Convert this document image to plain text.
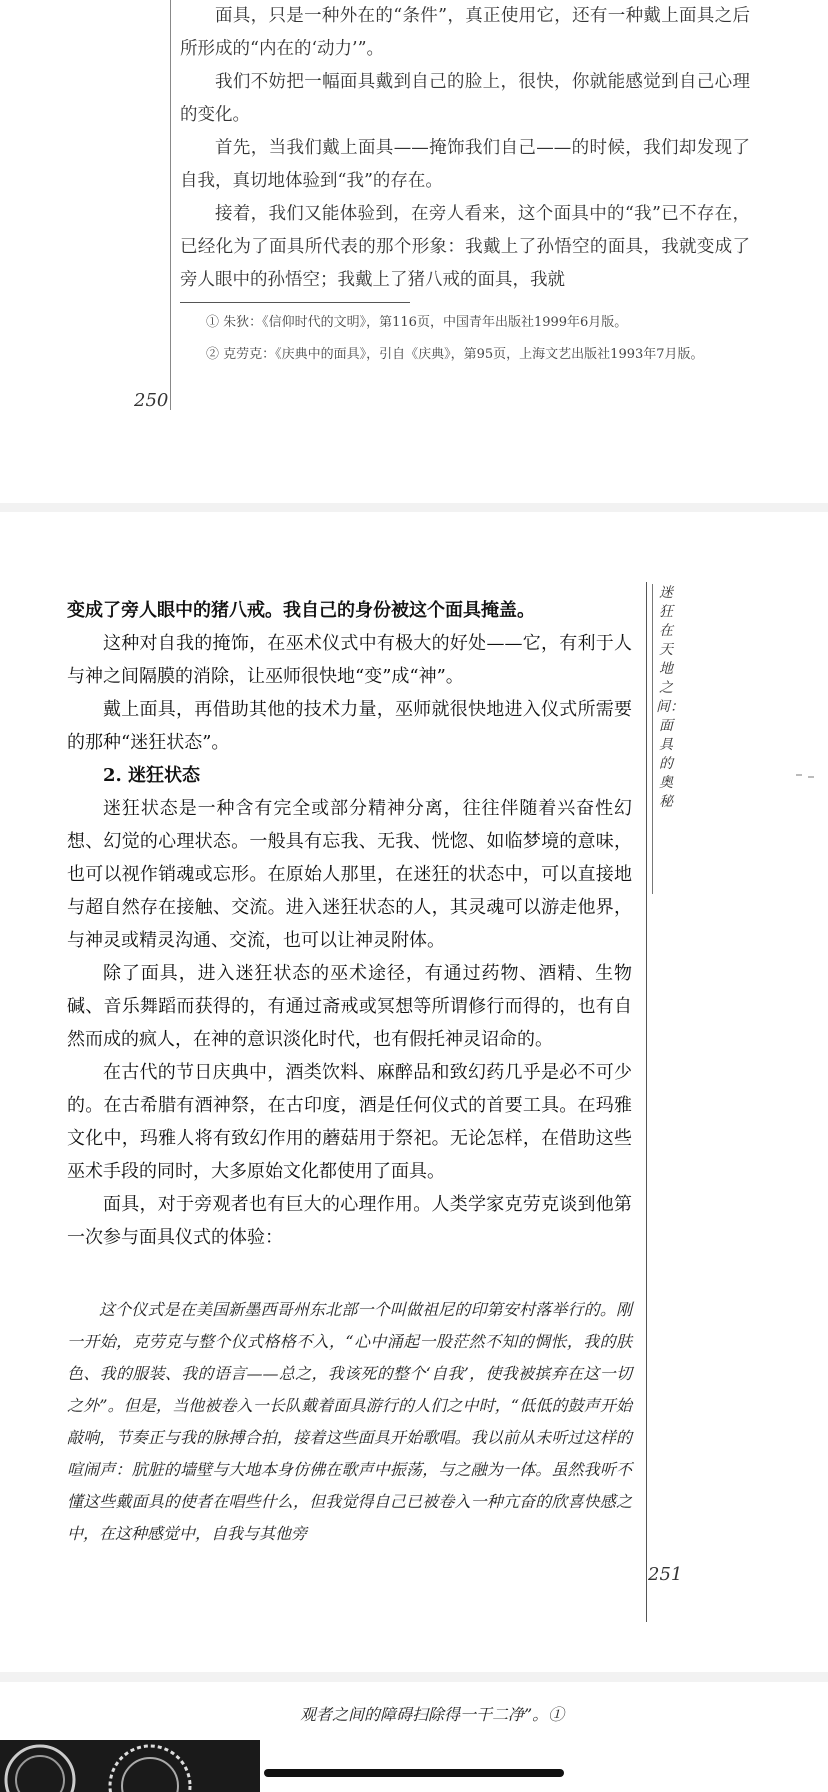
面具，只是一种外在的“条件”，真正使用它，还有一种戴上面具之后所形成的“内在的‘动力’”。

我们不妨把一幅面具戴到自己的脸上，很快，你就能感觉到自己心理的变化。

首先，当我们戴上面具——掩饰我们自己——的时候，我们却发现了自我，真切地体验到“我”的存在。

接着，我们又能体验到，在旁人看来，这个面具中的“我”已不存在，已经化为了面具所代表的那个形象：我戴上了孙悟空的面具，我就变成了旁人眼中的孙悟空；我戴上了猪八戒的面具，我就

① 朱狄：《信仰时代的文明》，第116页，中国青年出版社1999年6月版。

② 克劳克：《庆典中的面具》，引自《庆典》，第95页，上海文艺出版社1993年7月版。

250

变成了旁人眼中的猪八戒。我自己的身份被这个面具掩盖。

这种对自我的掩饰，在巫术仪式中有极大的好处——它，有利于人与神之间隔膜的消除，让巫师很快地“变”成“神”。

戴上面具，再借助其他的技术力量，巫师就很快地进入仪式所需要的那种“迷狂状态”。

2. 迷狂状态

迷狂状态是一种含有完全或部分精神分离，往往伴随着兴奋性幻想、幻觉的心理状态。一般具有忘我、无我、恍惚、如临梦境的意味，也可以视作销魂或忘形。在原始人那里，在迷狂的状态中，可以直接地与超自然存在接触、交流。进入迷狂状态的人，其灵魂可以游走他界，与神灵或精灵沟通、交流，也可以让神灵附体。

除了面具，进入迷狂状态的巫术途径，有通过药物、酒精、生物碱、音乐舞蹈而获得的，有通过斋戒或冥想等所谓修行而得的，也有自然而成的疯人，在神的意识淡化时代，也有假托神灵诏命的。

在古代的节日庆典中，酒类饮料、麻醉品和致幻药几乎是必不可少的。在古希腊有酒神祭，在古印度，酒是任何仪式的首要工具。在玛雅文化中，玛雅人将有致幻作用的蘑菇用于祭祀。无论怎样，在借助这些巫术手段的同时，大多原始文化都使用了面具。

面具，对于旁观者也有巨大的心理作用。人类学家克劳克谈到他第一次参与面具仪式的体验：

这个仪式是在美国新墨西哥州东北部一个叫做祖尼的印第安村落举行的。刚一开始，克劳克与整个仪式格格不入，“心中涌起一股茫然不知的惆怅，我的肤色、我的服装、我的语言——总之，我该死的整个‘自我’，使我被摈弃在这一切之外”。但是，当他被卷入一长队戴着面具游行的人们之中时，“低低的鼓声开始敲响，节奏正与我的脉搏合拍，接着这些面具开始歌唱。我以前从未听过这样的喧闹声：肮脏的墙壁与大地本身仿佛在歌声中振荡，与之融为一体。虽然我听不懂这些戴面具的使者在唱些什么，但我觉得自己已被卷入一种亢奋的欣喜快感之中，在这种感觉中，自我与其他旁

迷狂在天地之间：面具的奥秘
251
观者之间的障碍扫除得一干二净”。①
